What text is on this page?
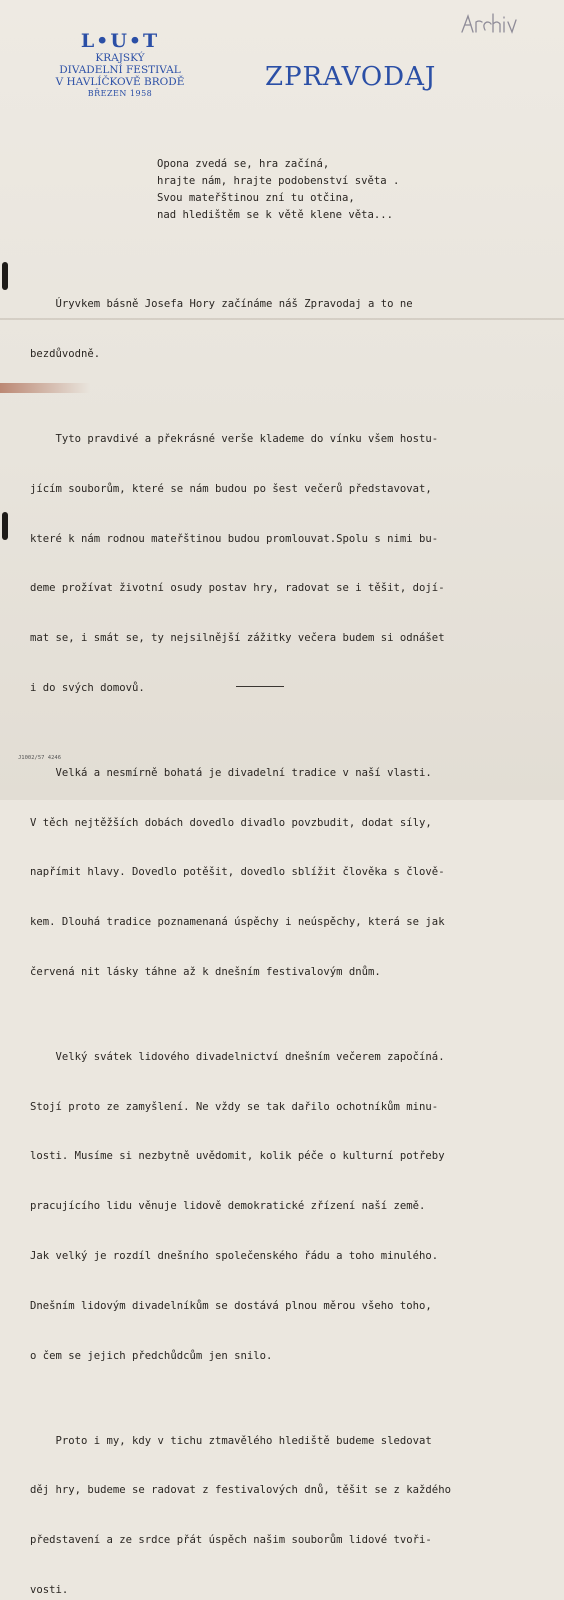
L•U•T
KRAJSKÝ
DIVADELNÍ FESTIVAL
V HAVLÍČKOVĚ BRODĚ
BŘEZEN 1958
ZPRAVODAJ
Opona zvedá se, hra začíná,
hrajte nám, hrajte podobenství světa .
Svou mateřštinou zní tu otčina,
nad hledištěm se k větě klene věta...

Úryvkem básně Josefa Hory začínáme náš Zpravodaj a to ne

bezdůvodně.

Tyto pravdivé a překrásné verše klademe do vínku všem hostu-

jícím souborům, které se nám budou po šest večerů představovat,

které k nám rodnou mateřštinou budou promlouvat.Spolu s nimi bu-

deme prožívat životní osudy postav hry, radovat se i těšit, dojí-

mat se, i smát se, ty nejsilnější zážitky večera budem si odnášet

i do svých domovů.

Velká a nesmírně bohatá je divadelní tradice v naší vlasti.

V těch nejtěžších dobách dovedlo divadlo povzbudit, dodat síly,

napřímit hlavy. Dovedlo potěšit, dovedlo sblížit člověka s člově-

kem. Dlouhá tradice poznamenaná úspěchy i neúspěchy, která se jak

červená nit lásky táhne až k dnešním festivalovým dnům.

Velký svátek lidového divadelnictví dnešním večerem započíná.

Stojí proto ze zamyšlení. Ne vždy se tak dařilo ochotníkům minu-

losti. Musíme si nezbytně uvědomit, kolik péče o kulturní potřeby

pracujícího lidu věnuje lidově demokratické zřízení naší země.

Jak velký je rozdíl dnešního společenského řádu a toho minulého.

Dnešním lidovým divadelníkům se dostává plnou měrou všeho toho,

o čem se jejich předchůdcům jen snilo.

Proto i my, kdy v tichu ztmavělého hlediště budeme sledovat

děj hry, budeme se radovat z festivalových dnů, těšit se z každého

představení a ze srdce přát úspěch našim souborům lidové tvoři-

vosti.

J1002/57 4246
